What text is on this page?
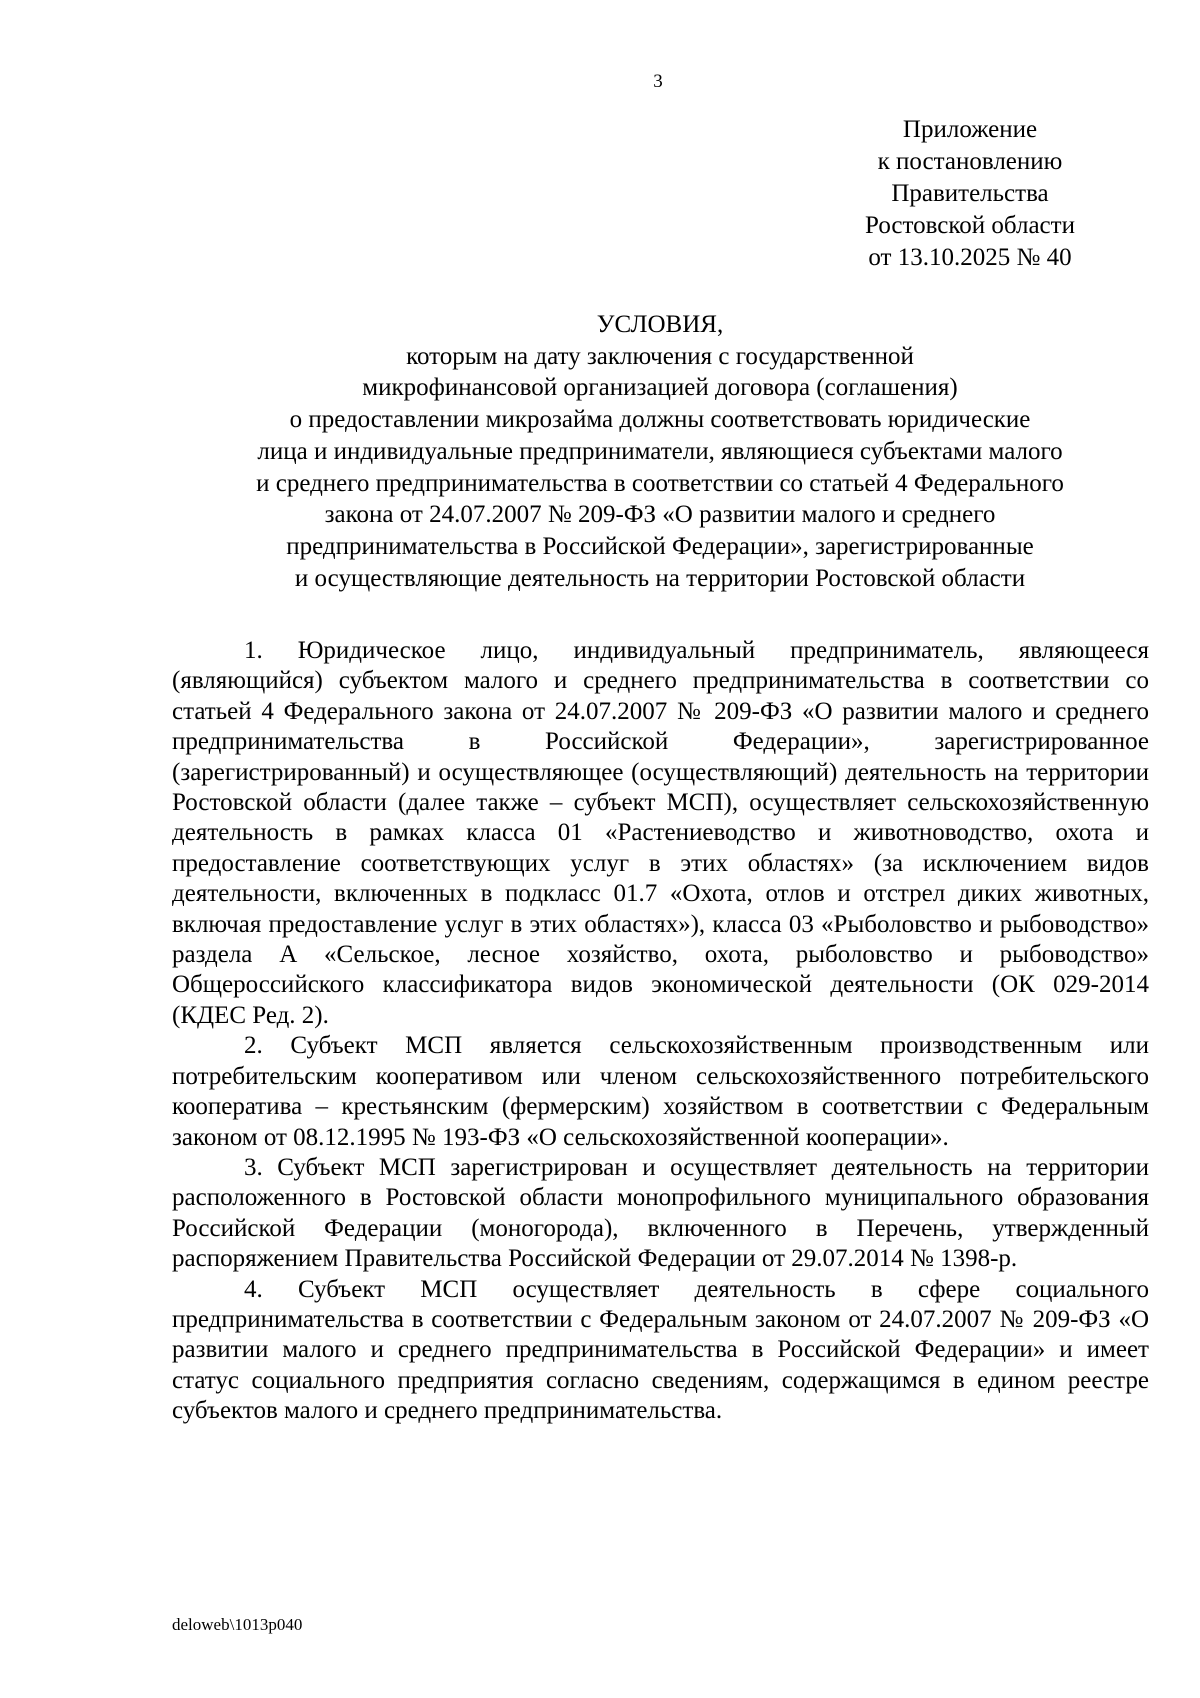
3
Приложение
к постановлению
Правительства
Ростовской области
от 13.10.2025 № 40
УСЛОВИЯ,
которым на дату заключения с государственной
микрофинансовой организацией договора (соглашения)
о предоставлении микрозайма должны соответствовать юридические
лица и индивидуальные предприниматели, являющиеся субъектами малого
и среднего предпринимательства в соответствии со статьей 4 Федерального
закона от 24.07.2007 № 209-ФЗ «О развитии малого и среднего
предпринимательства в Российской Федерации», зарегистрированные
и осуществляющие деятельность на территории Ростовской области

1. Юридическое лицо, индивидуальный предприниматель, являющееся (являющийся) субъектом малого и среднего предпринимательства в соответствии со статьей 4 Федерального закона от 24.07.2007 № 209-ФЗ «О развитии малого и среднего предпринимательства в Российской Федерации», зарегистрированное (зарегистрированный) и осуществляющее (осуществляющий) деятельность на территории Ростовской области (далее также – субъект МСП), осуществляет сельскохозяйственную деятельность в рамках класса 01 «Растениеводство и животноводство, охота и предоставление соответствующих услуг в этих областях» (за исключением видов деятельности, включенных в подкласс 01.7 «Охота, отлов и отстрел диких животных, включая предоставление услуг в этих областях»), класса 03 «Рыболовство и рыбоводство» раздела А «Сельское, лесное хозяйство, охота, рыболовство и рыбоводство» Общероссийского классификатора видов экономической деятельности (ОК 029-2014 (КДЕС Ред. 2).

2. Субъект МСП является сельскохозяйственным производственным или потребительским кооперативом или членом сельскохозяйственного потребительского кооператива – крестьянским (фермерским) хозяйством в соответствии с Федеральным законом от 08.12.1995 № 193-ФЗ «О сельскохозяйственной кооперации».

3. Субъект МСП зарегистрирован и осуществляет деятельность на территории расположенного в Ростовской области монопрофильного муниципального образования Российской Федерации (моногорода), включенного в Перечень, утвержденный распоряжением Правительства Российской Федерации от 29.07.2014 № 1398-р.

4. Субъект МСП осуществляет деятельность в сфере социального предпринимательства в соответствии с Федеральным законом от 24.07.2007 № 209-ФЗ «О развитии малого и среднего предпринимательства в Российской Федерации» и имеет статус социального предприятия согласно сведениям, содержащимся в едином реестре субъектов малого и среднего предпринимательства.

deloweb\1013p040
